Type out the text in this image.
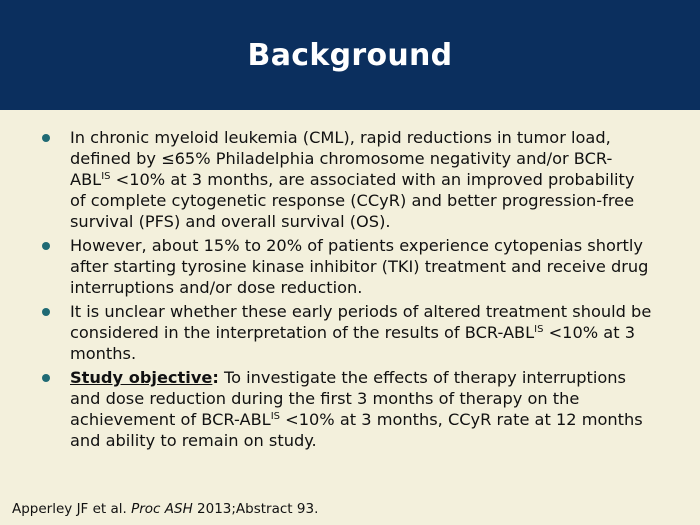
Background
In chronic myeloid leukemia (CML), rapid reductions in tumor load, defined by ≤65% Philadelphia chromosome negativity and/or BCR-$ABL^{IS} <10\%$ at 3 months, are associated with an improved probability of complete cytogenetic response (CCyR) and better progression-free survival (PFS) and overall survival (OS).
However, about 15% to 20% of patients experience cytopenias shortly after starting tyrosine kinase inhibitor (TKI) treatment and receive drug interruptions and/or dose reduction.
It is unclear whether these early periods of altered treatment should be considered in the interpretation of the results of BCR-$ABL^{IS} <10\%$ at 3 months.
Study objective: To investigate the effects of therapy interruptions and dose reduction during the first 3 months of therapy on the achievement of BCR-$ABL^{IS} <10\%$ at 3 months, CCyR rate at 12 months and ability to remain on study.
Apperley JF et al. Proc ASH 2013;Abstract 93.
